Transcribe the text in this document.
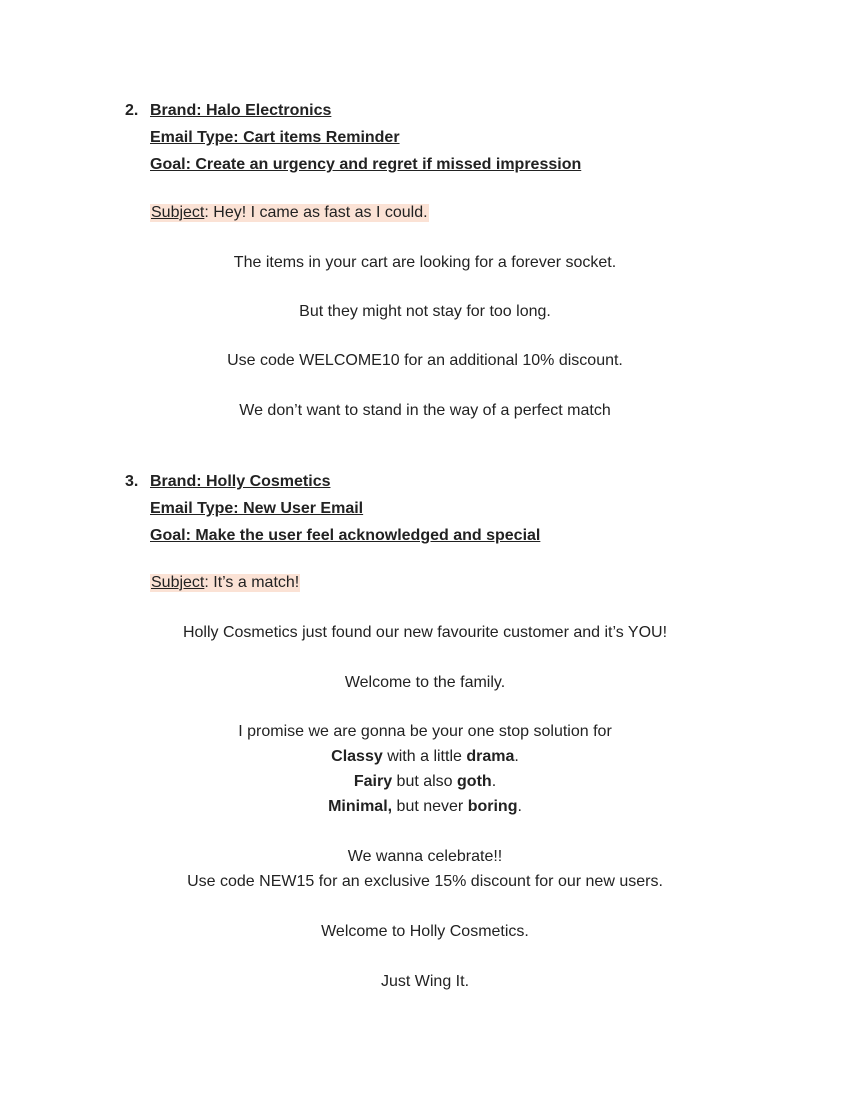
2. Brand: Halo Electronics
Email Type: Cart items Reminder
Goal: Create an urgency and regret if missed impression
Subject: Hey! I came as fast as I could.
The items in your cart are looking for a forever socket.
But they might not stay for too long.
Use code WELCOME10 for an additional 10% discount.
We don’t want to stand in the way of a perfect match
3. Brand: Holly Cosmetics
Email Type: New User Email
Goal: Make the user feel acknowledged and special
Subject: It’s a match!
Holly Cosmetics just found our new favourite customer and it’s YOU!
Welcome to the family.
I promise we are gonna be your one stop solution for
Classy with a little drama.
Fairy but also goth.
Minimal, but never boring.
We wanna celebrate!!
Use code NEW15 for an exclusive 15% discount for our new users.
Welcome to Holly Cosmetics.
Just Wing It.
